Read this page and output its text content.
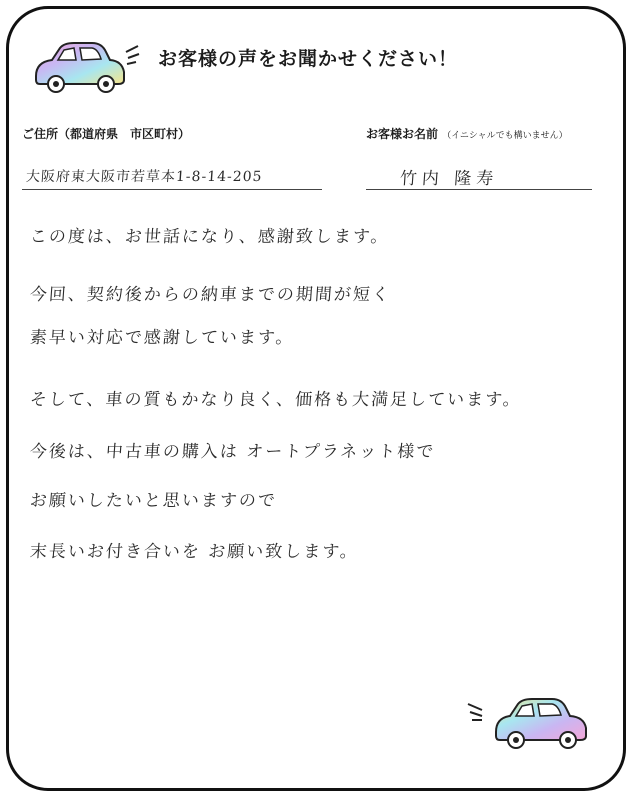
お客様の声をお聞かせください！
ご住所（都道府県　市区町村）	お客様お名前 （イニシャルでも構いません）
大阪府東大阪市若草本1-8-14-205	竹内 隆寿
この度は、お世話になり、感謝致します。
今回、契約後からの納車までの期間が短く
素早い対応で感謝しています。
そして、車の質もかなり良く、価格も大満足しています。
今後は、中古車の購入は オートプラネット様で
お願いしたいと思いますので
末長いお付き合いを お願い致します。
